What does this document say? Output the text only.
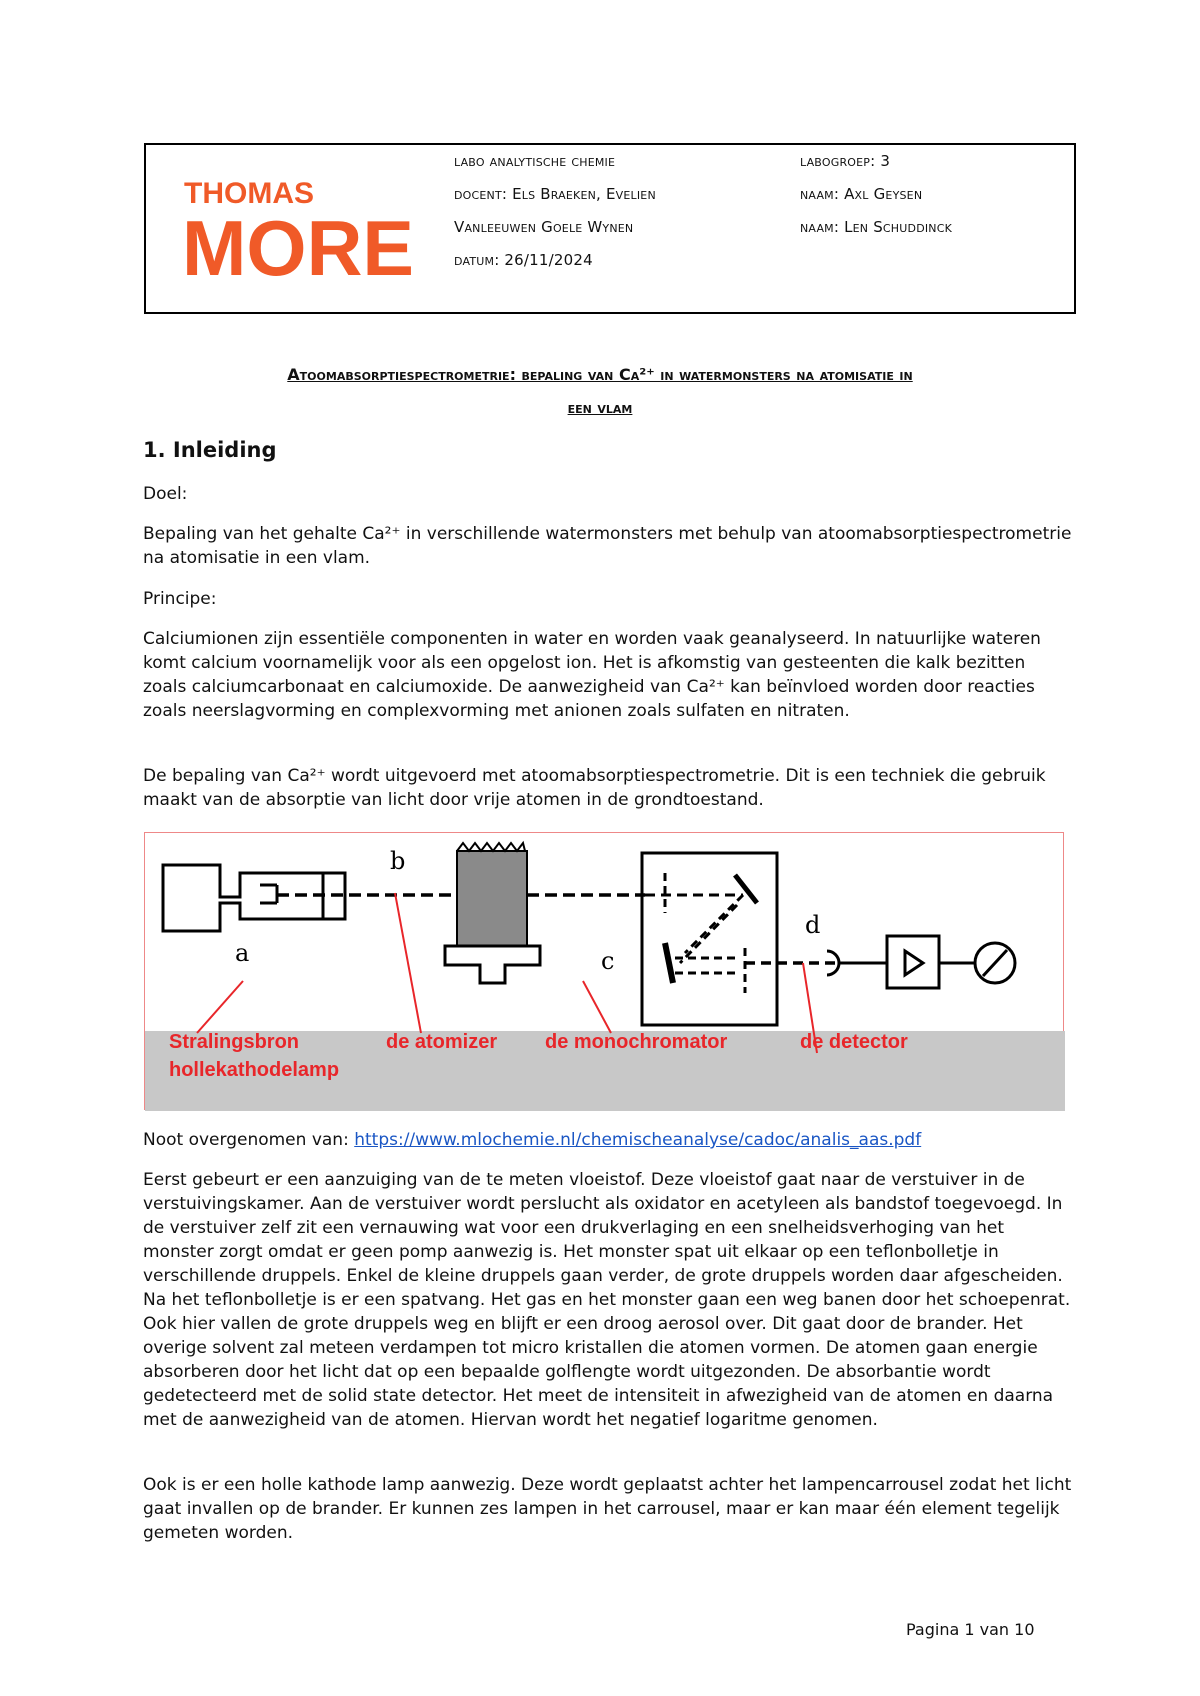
THOMAS
MORE
labo analytische chemie
docent: Els Braeken, Evelien
Vanleeuwen Goele Wynen
datum: 26/11/2024
labogroep: 3
naam: Axl Geysen
naam: Len Schuddinck
Atoomabsorptiespectrometrie: bepaling van Ca²⁺ in watermonsters na atomisatie in
een vlam
1. Inleiding

Doel:

Bepaling van het gehalte Ca²⁺ in verschillende watermonsters met behulp van atoomabsorptiespectrometrie na atomisatie in een vlam.

Principe:

Calciumionen zijn essentiële componenten in water en worden vaak geanalyseerd. In natuurlijke wateren komt calcium voornamelijk voor als een opgelost ion. Het is afkomstig van gesteenten die kalk bezitten zoals calciumcarbonaat en calciumoxide. De aanwezigheid van Ca²⁺ kan beïnvloed worden door reacties zoals neerslagvorming en complexvorming met anionen zoals sulfaten en nitraten.

De bepaling van Ca²⁺ wordt uitgevoerd met atoomabsorptiespectrometrie. Dit is een techniek die gebruik maakt van de absorptie van licht door vrije atomen in de grondtoestand.

a
b
c
d
Stralingsbron
hollekathodelamp
de atomizer de monochromator	de detector

Noot overgenomen van: https://www.mlochemie.nl/chemischeanalyse/cadoc/analis_aas.pdf

Eerst gebeurt er een aanzuiging van de te meten vloeistof. Deze vloeistof gaat naar de verstuiver in de verstuivingskamer. Aan de verstuiver wordt perslucht als oxidator en acetyleen als bandstof toegevoegd. In de verstuiver zelf zit een vernauwing wat voor een drukverlaging en een snelheidsverhoging van het monster zorgt omdat er geen pomp aanwezig is. Het monster spat uit elkaar op een teflonbolletje in verschillende druppels. Enkel de kleine druppels gaan verder, de grote druppels worden daar afgescheiden. Na het teflonbolletje is er een spatvang. Het gas en het monster gaan een weg banen door het schoepenrat. Ook hier vallen de grote druppels weg en blijft er een droog aerosol over. Dit gaat door de brander. Het overige solvent zal meteen verdampen tot micro kristallen die atomen vormen. De atomen gaan energie absorberen door het licht dat op een bepaalde golflengte wordt uitgezonden. De absorbantie wordt gedetecteerd met de solid state detector. Het meet de intensiteit in afwezigheid van de atomen en daarna met de aanwezigheid van de atomen. Hiervan wordt het negatief logaritme genomen.

Ook is er een holle kathode lamp aanwezig. Deze wordt geplaatst achter het lampencarrousel zodat het licht gaat invallen op de brander. Er kunnen zes lampen in het carrousel, maar er kan maar één element tegelijk gemeten worden.

Pagina 1 van 10
